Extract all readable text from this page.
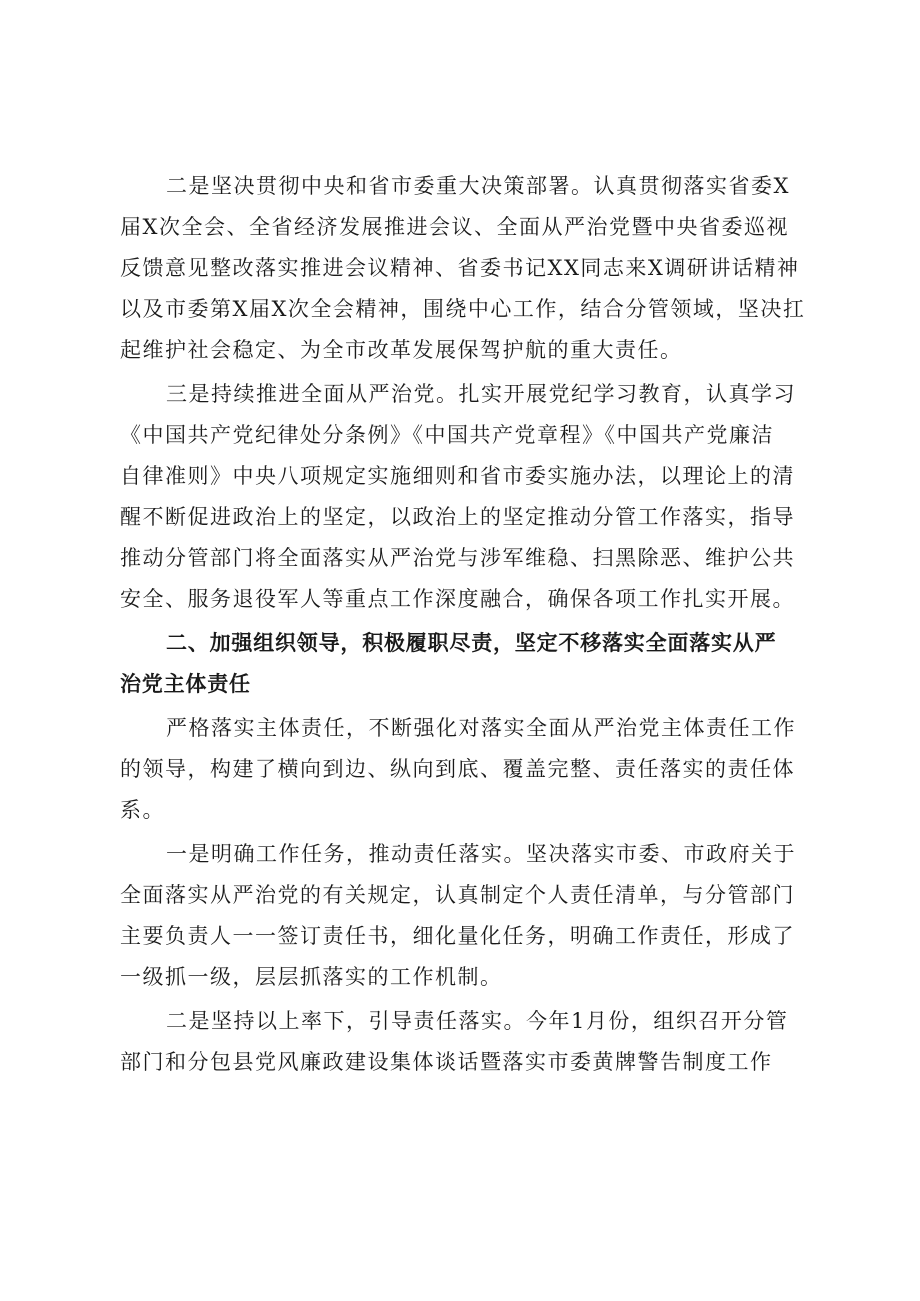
二是坚决贯彻中央和省市委重大决策部署。认真贯彻落实省委X
届X次全会、全省经济发展推进会议、全面从严治党暨中央省委巡视
反馈意见整改落实推进会议精神、省委书记XX同志来X调研讲话精神
以及市委第X届X次全会精神，围绕中心工作，结合分管领域，坚决扛
起维护社会稳定、为全市改革发展保驾护航的重大责任。
三是持续推进全面从严治党。扎实开展党纪学习教育，认真学习
《中国共产党纪律处分条例》《中国共产党章程》《中国共产党廉洁
自律准则》中央八项规定实施细则和省市委实施办法，以理论上的清
醒不断促进政治上的坚定，以政治上的坚定推动分管工作落实，指导
推动分管部门将全面落实从严治党与涉军维稳、扫黑除恶、维护公共
安全、服务退役军人等重点工作深度融合，确保各项工作扎实开展。
二、加强组织领导，积极履职尽责，坚定不移落实全面落实从严
治党主体责任
严格落实主体责任，不断强化对落实全面从严治党主体责任工作
的领导，构建了横向到边、纵向到底、覆盖完整、责任落实的责任体
系。
一是明确工作任务，推动责任落实。坚决落实市委、市政府关于
全面落实从严治党的有关规定，认真制定个人责任清单，与分管部门
主要负责人一一签订责任书，细化量化任务，明确工作责任，形成了
一级抓一级，层层抓落实的工作机制。
二是坚持以上率下，引导责任落实。今年1月份，组织召开分管
部门和分包县党风廉政建设集体谈话暨落实市委黄牌警告制度工作
